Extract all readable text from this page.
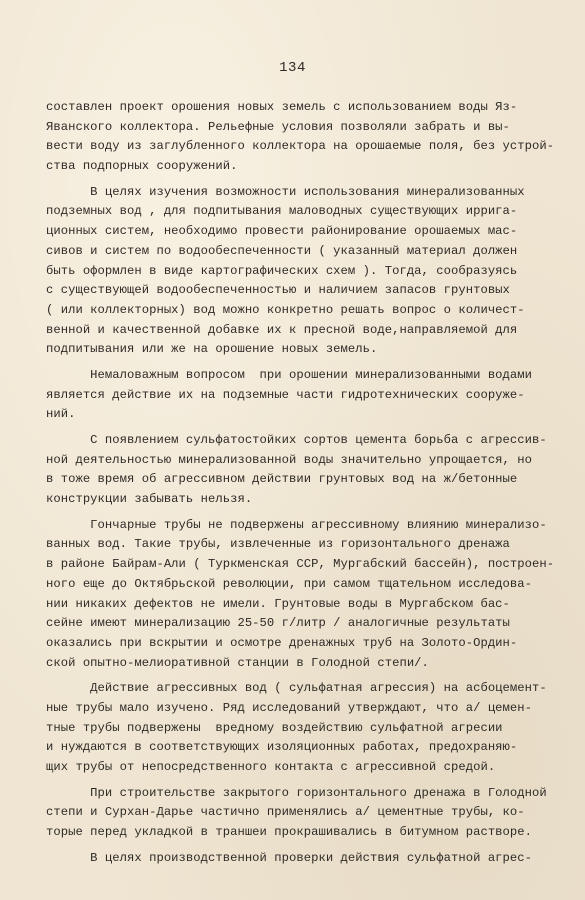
134
составлен проект орошения новых земель с использованием воды Яз-
Яванского коллектора. Рельефные условия позволяли забрать и вы-
вести воду из заглубленного коллектора на орошаемые поля, без устрой-
ства подпорных сооружений.
В целях изучения возможности использования минерализованных
подземных вод , для подпитывания маловодных существующих ирригa-
ционных систем, необходимо провести районирование орошаемых мас-
сивов и систем по водообеспеченности ( указанный материал должен
быть оформлен в виде картографических схем ). Тогда, сообразуясь
с существующей водообеспеченностью и наличием запасов грунтовых
( или коллекторных) вод можно конкретно решать вопрос о количест-
венной и качественной добавке их к пресной воде,направляемой для
подпитывания или же на орошение новых земель.
Немаловажным вопросом  при орошении минерализованными водами
является действие их на подземные части гидротехнических сооруже-
ний.
С появлением сульфатостойких сортов цемента борьба с агрессив-
ной деятельностью минерализованной воды значительно упрощается, но
в тоже время об агрессивном действии грунтовых вод на ж/бетонные
конструкции забывать нельзя.
Гончарные трубы не подвержены агрессивному влиянию минерализо-
ванных вод. Такие трубы, извлеченные из горизонтального дренажа
в районе Байрам-Али ( Туркменская ССР, Мургабский бассейн), построен-
ного еще до Октябрьской революции, при самом тщательном исследова-
нии никаких дефектов не имели. Грунтовые воды в Мургабском бас-
сейне имеют минерализацию 25-50 г/литр / аналогичные результаты
оказались при вскрытии и осмотре дренажных труб на Золото-Ордин-
ской опытно-мелиоративной станции в Голодной степи/.
Действие агрессивных вод ( сульфатная агрессия) на асбоцемент-
ные трубы мало изучено. Ряд исследований утверждают, что а/ цемен-
тные трубы подвержены  вредному воздействию сульфатной агресии
и нуждаются в соответствующих изоляционных работах, предохраняю-
щих трубы от непосредственного контакта с агрессивной средой.
При строительстве закрытого горизонтального дренажа в Голодной
степи и Сурхан-Дарье частично применялись а/ цементные трубы, ко-
торые перед укладкой в траншеи прокрашивались в битумном растворе.
В целях производственной проверки действия сульфатной агрес-
